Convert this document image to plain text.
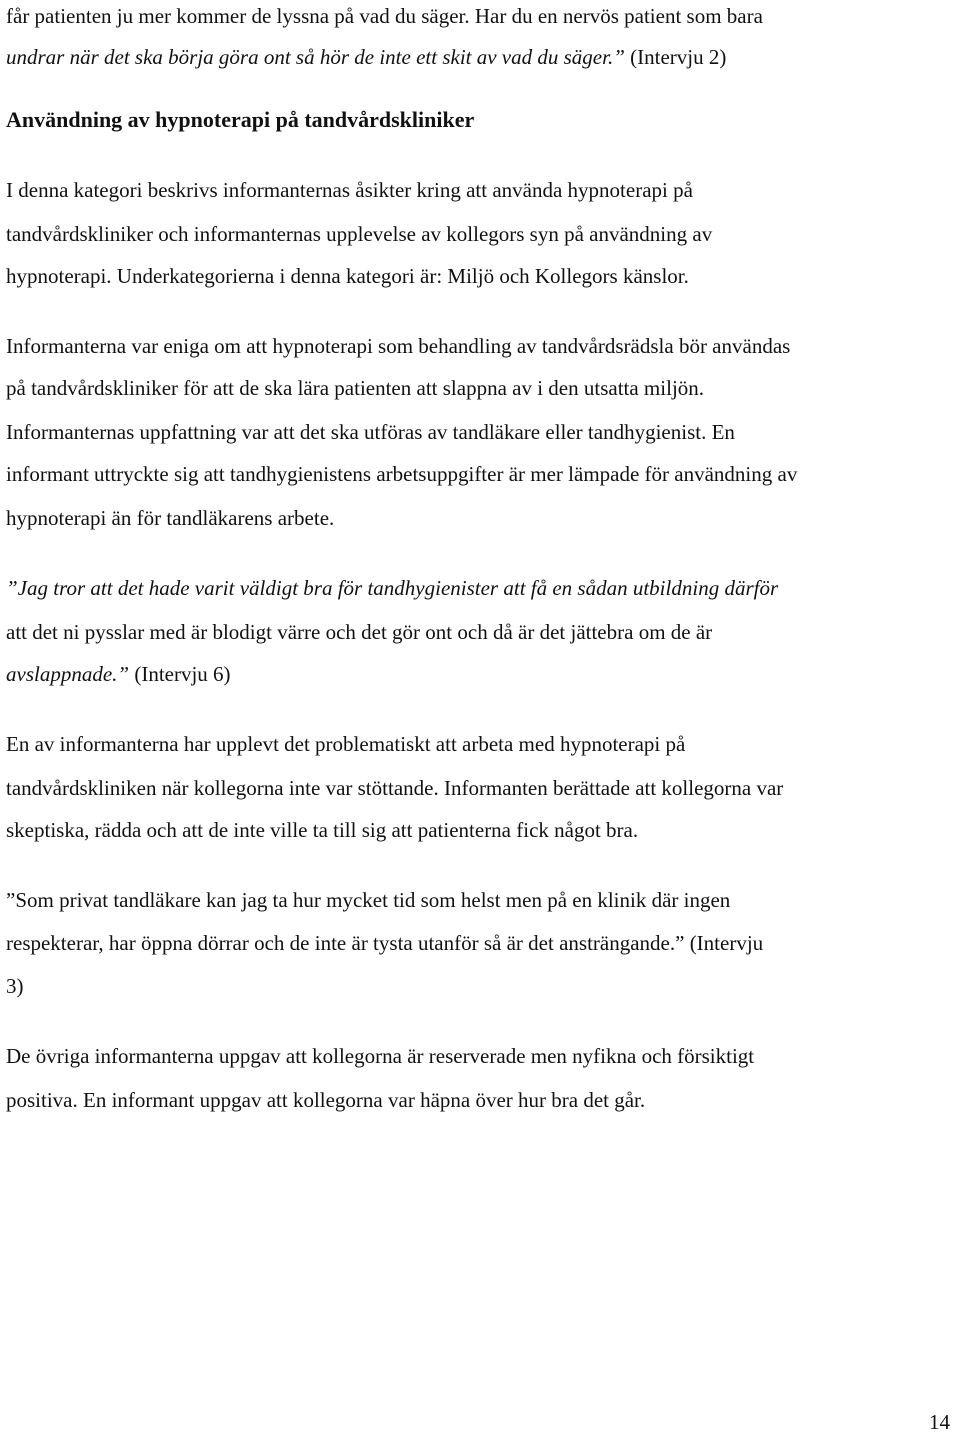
får patienten ju mer kommer de lyssna på vad du säger. Har du en nervös patient som bara
undrar när det ska börja göra ont så hör de inte ett skit av vad du säger.” (Intervju 2)
Användning av hypnoterapi på tandvårdskliniker
I denna kategori beskrivs informanternas åsikter kring att använda hypnoterapi på
tandvårdskliniker och informanternas upplevelse av kollegors syn på användning av
hypnoterapi. Underkategorierna i denna kategori är: Miljö och Kollegors känslor.
Informanterna var eniga om att hypnoterapi som behandling av tandvårdsrädsla bör användas
på tandvårdskliniker för att de ska lära patienten att slappna av i den utsatta miljön.
Informanternas uppfattning var att det ska utföras av tandläkare eller tandhygienist. En
informant uttryckte sig att tandhygienistens arbetsuppgifter är mer lämpade för användning av
hypnoterapi än för tandläkarens arbete.
”Jag tror att det hade varit väldigt bra för tandhygienister att få en sådan utbildning därför
att det ni pysslar med är blodigt värre och det gör ont och då är det jättebra om de är
avslappnade.” (Intervju 6)
En av informanterna har upplevt det problematiskt att arbeta med hypnoterapi på
tandvårdskliniken när kollegorna inte var stöttande. Informanten berättade att kollegorna var
skeptiska, rädda och att de inte ville ta till sig att patienterna fick något bra.
”Som privat tandläkare kan jag ta hur mycket tid som helst men på en klinik där ingen
respekterar, har öppna dörrar och de inte är tysta utanför så är det ansträngande.” (Intervju
3)
De övriga informanterna uppgav att kollegorna är reserverade men nyfikna och försiktigt
positiva. En informant uppgav att kollegorna var häpna över hur bra det går.
14
